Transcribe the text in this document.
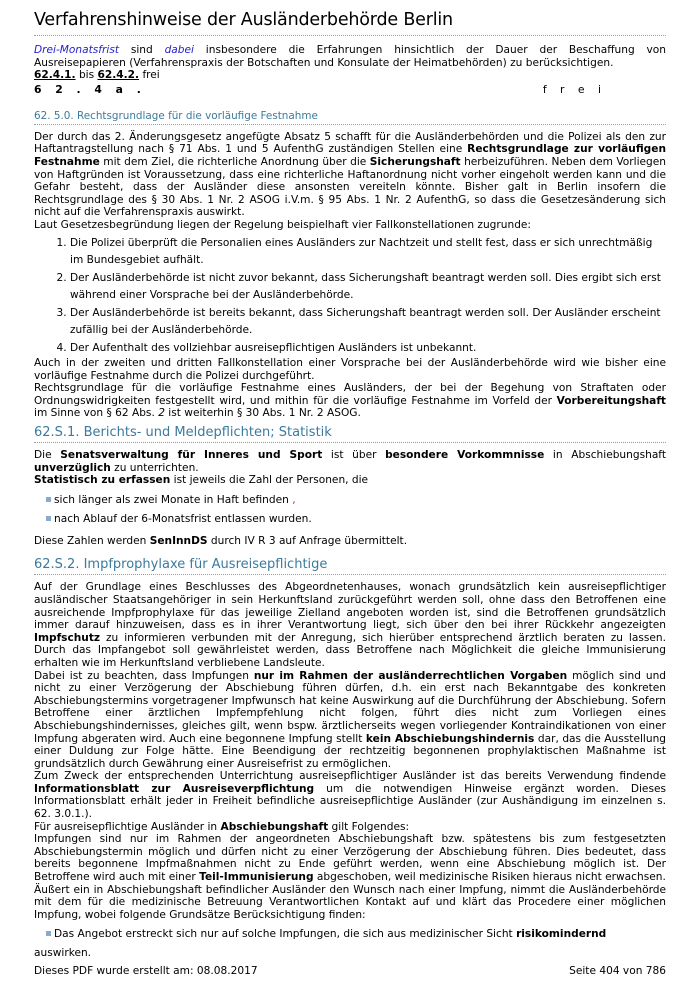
Verfahrenshinweise der Ausländerbehörde Berlin

Drei-Monatsfrist sind dabei insbesondere die Erfahrungen hinsichtlich der Dauer der Beschaffung von Ausreisepapieren (Verfahrenspraxis der Botschaften und Konsulate der Heimatbehörden) zu berücksichtigen.

62.4.1. bis 62.4.2. frei

6 2 . 4 a .	f r e i
62. 5.0. Rechtsgrundlage für die vorläufige Festnahme

Der durch das 2. Änderungsgesetz angefügte Absatz 5 schafft für die Ausländerbehörden und die Polizei als den zur Haftantragstellung nach § 71 Abs. 1 und 5 AufenthG zuständigen Stellen eine Rechtsgrundlage zur vorläufigen Festnahme mit dem Ziel, die richterliche Anordnung über die Sicherungshaft herbeizuführen. Neben dem Vorliegen von Haftgründen ist Voraussetzung, dass eine richterliche Haftanordnung nicht vorher eingeholt werden kann und die Gefahr besteht, dass der Ausländer diese ansonsten vereiteln könnte. Bisher galt in Berlin insofern die Rechtsgrundlage des § 30 Abs. 1 Nr. 2 ASOG i.V.m. § 95 Abs. 1 Nr. 2 AufenthG, so dass die Gesetzesänderung sich nicht auf die Verfahrenspraxis auswirkt.

Laut Gesetzesbegründung liegen der Regelung beispielhaft vier Fallkonstellationen zugrunde:

1. Die Polizei überprüft die Personalien eines Ausländers zur Nachtzeit und stellt fest, dass er sich unrechtmäßig im Bundesgebiet aufhält.
2. Der Ausländerbehörde ist nicht zuvor bekannt, dass Sicherungshaft beantragt werden soll. Dies ergibt sich erst während einer Vorsprache bei der Ausländerbehörde.
3. Der Ausländerbehörde ist bereits bekannt, dass Sicherungshaft beantragt werden soll. Der Ausländer erscheint zufällig bei der Ausländerbehörde.
4. Der Aufenthalt des vollziehbar ausreisepflichtigen Ausländers ist unbekannt.

Auch in der zweiten und dritten Fallkonstellation einer Vorsprache bei der Ausländerbehörde wird wie bisher eine vorläufige Festnahme durch die Polizei durchgeführt.

Rechtsgrundlage für die vorläufige Festnahme eines Ausländers, der bei der Begehung von Straftaten oder Ordnungswidrigkeiten festgestellt wird, und mithin für die vorläufige Festnahme im Vorfeld der Vorbereitungshaft im Sinne von § 62 Abs. 2 ist weiterhin § 30 Abs. 1 Nr. 2 ASOG.

62.S.1. Berichts- und Meldepflichten; Statistik

Die Senatsverwaltung für Inneres und Sport ist über besondere Vorkommnisse in Abschiebungshaft unverzüglich zu unterrichten.

Statistisch zu erfassen ist jeweils die Zahl der Personen, die

sich länger als zwei Monate in Haft befinden ,
nach Ablauf der 6-Monatsfrist entlassen wurden.

Diese Zahlen werden SenInnDS durch IV R 3 auf Anfrage übermittelt.

62.S.2. Impfprophylaxe für Ausreisepflichtige

Auf der Grundlage eines Beschlusses des Abgeordnetenhauses, wonach grundsätzlich kein ausreisepflichtiger ausländischer Staatsangehöriger in sein Herkunftsland zurückgeführt werden soll, ohne dass den Betroffenen eine ausreichende Impfprophylaxe für das jeweilige Zielland angeboten worden ist, sind die Betroffenen grundsätzlich immer darauf hinzuweisen, dass es in ihrer Verantwortung liegt, sich über den bei ihrer Rückkehr angezeigten Impfschutz zu informieren verbunden mit der Anregung, sich hierüber entsprechend ärztlich beraten zu lassen. Durch das Impfangebot soll gewährleistet werden, dass Betroffene nach Möglichkeit die gleiche Immunisierung erhalten wie im Herkunftsland verbliebene Landsleute.

Dabei ist zu beachten, dass Impfungen nur im Rahmen der ausländerrechtlichen Vorgaben möglich sind und nicht zu einer Verzögerung der Abschiebung führen dürfen, d.h. ein erst nach Bekanntgabe des konkreten Abschiebungstermins vorgetragener Impfwunsch hat keine Auswirkung auf die Durchführung der Abschiebung. Sofern Betroffene einer ärztlichen Impfempfehlung nicht folgen, führt dies nicht zum Vorliegen eines Abschiebungshindernisses, gleiches gilt, wenn bspw. ärztlicherseits wegen vorliegender Kontraindikationen von einer Impfung abgeraten wird. Auch eine begonnene Impfung stellt kein Abschiebungshindernis dar, das die Ausstellung einer Duldung zur Folge hätte. Eine Beendigung der rechtzeitig begonnenen prophylaktischen Maßnahme ist grundsätzlich durch Gewährung einer Ausreisefrist zu ermöglichen.

Zum Zweck der entsprechenden Unterrichtung ausreisepflichtiger Ausländer ist das bereits Verwendung findende Informationsblatt zur Ausreiseverpflichtung um die notwendigen Hinweise ergänzt worden. Dieses Informationsblatt erhält jeder in Freiheit befindliche ausreisepflichtige Ausländer (zur Aushändigung im einzelnen s. 62. 3.0.1.).

Für ausreisepflichtige Ausländer in Abschiebungshaft gilt Folgendes:

Impfungen sind nur im Rahmen der angeordneten Abschiebungshaft bzw. spätestens bis zum festgesetzten Abschiebungstermin möglich und dürfen nicht zu einer Verzögerung der Abschiebung führen. Dies bedeutet, dass bereits begonnene Impfmaßnahmen nicht zu Ende geführt werden, wenn eine Abschiebung möglich ist. Der Betroffene wird auch mit einer Teil-Immunisierung abgeschoben, weil medizinische Risiken hieraus nicht erwachsen.

Äußert ein in Abschiebungshaft befindlicher Ausländer den Wunsch nach einer Impfung, nimmt die Ausländerbehörde mit dem für die medizinische Betreuung Verantwortlichen Kontakt auf und klärt das Procedere einer möglichen Impfung, wobei folgende Grundsätze Berücksichtigung finden:

Das Angebot erstreckt sich nur auf solche Impfungen, die sich aus medizinischer Sicht risikomindernd auswirken.
Dieses PDF wurde erstellt am: 08.08.2017	Seite 404 von 786
